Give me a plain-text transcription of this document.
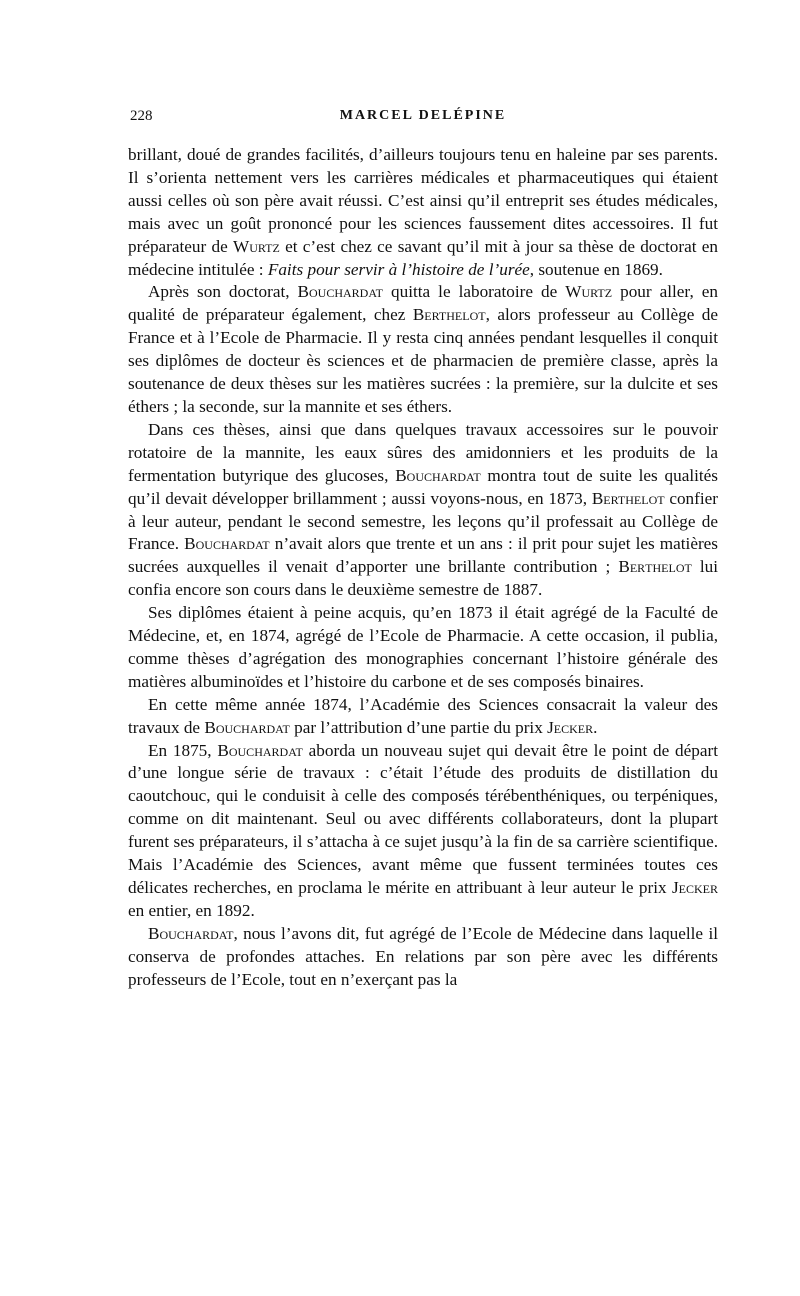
228	MARCEL DELÉPINE

brillant, doué de grandes facilités, d’ailleurs toujours tenu en haleine par ses parents. Il s’orienta nettement vers les carrières médicales et pharmaceutiques qui étaient aussi celles où son père avait réussi. C’est ainsi qu’il entreprit ses études médicales, mais avec un goût prononcé pour les sciences faussement dites accessoires. Il fut préparateur de Wurtz et c’est chez ce savant qu’il mit à jour sa thèse de doctorat en médecine intitulée : Faits pour servir à l’histoire de l’urée, soutenue en 1869.

Après son doctorat, Bouchardat quitta le laboratoire de Wurtz pour aller, en qualité de préparateur également, chez Berthelot, alors professeur au Collège de France et à l’Ecole de Pharmacie. Il y resta cinq années pendant lesquelles il conquit ses diplômes de docteur ès sciences et de pharmacien de première classe, après la soutenance de deux thèses sur les matières sucrées : la première, sur la dulcite et ses éthers ; la seconde, sur la mannite et ses éthers.

Dans ces thèses, ainsi que dans quelques travaux accessoires sur le pouvoir rotatoire de la mannite, les eaux sûres des amidonniers et les produits de la fermentation butyrique des glucoses, Bouchardat montra tout de suite les qualités qu’il devait développer brillamment ; aussi voyons-nous, en 1873, Berthelot confier à leur auteur, pendant le second semestre, les leçons qu’il professait au Collège de France. Bouchardat n’avait alors que trente et un ans : il prit pour sujet les matières sucrées auxquelles il venait d’apporter une brillante contribution ; Berthelot lui confia encore son cours dans le deuxième semestre de 1887.

Ses diplômes étaient à peine acquis, qu’en 1873 il était agrégé de la Faculté de Médecine, et, en 1874, agrégé de l’Ecole de Pharmacie. A cette occasion, il publia, comme thèses d’agrégation des monographies concernant l’histoire générale des matières albuminoïdes et l’histoire du carbone et de ses composés binaires.

En cette même année 1874, l’Académie des Sciences consacrait la valeur des travaux de Bouchardat par l’attribution d’une partie du prix Jecker.

En 1875, Bouchardat aborda un nouveau sujet qui devait être le point de départ d’une longue série de travaux : c’était l’étude des produits de distillation du caoutchouc, qui le conduisit à celle des composés térébenthéniques, ou terpéniques, comme on dit maintenant. Seul ou avec différents collaborateurs, dont la plupart furent ses préparateurs, il s’attacha à ce sujet jusqu’à la fin de sa carrière scientifique. Mais l’Académie des Sciences, avant même que fussent terminées toutes ces délicates recherches, en proclama le mérite en attribuant à leur auteur le prix Jecker en entier, en 1892.

Bouchardat, nous l’avons dit, fut agrégé de l’Ecole de Médecine dans laquelle il conserva de profondes attaches. En relations par son père avec les différents professeurs de l’Ecole, tout en n’exerçant pas la
